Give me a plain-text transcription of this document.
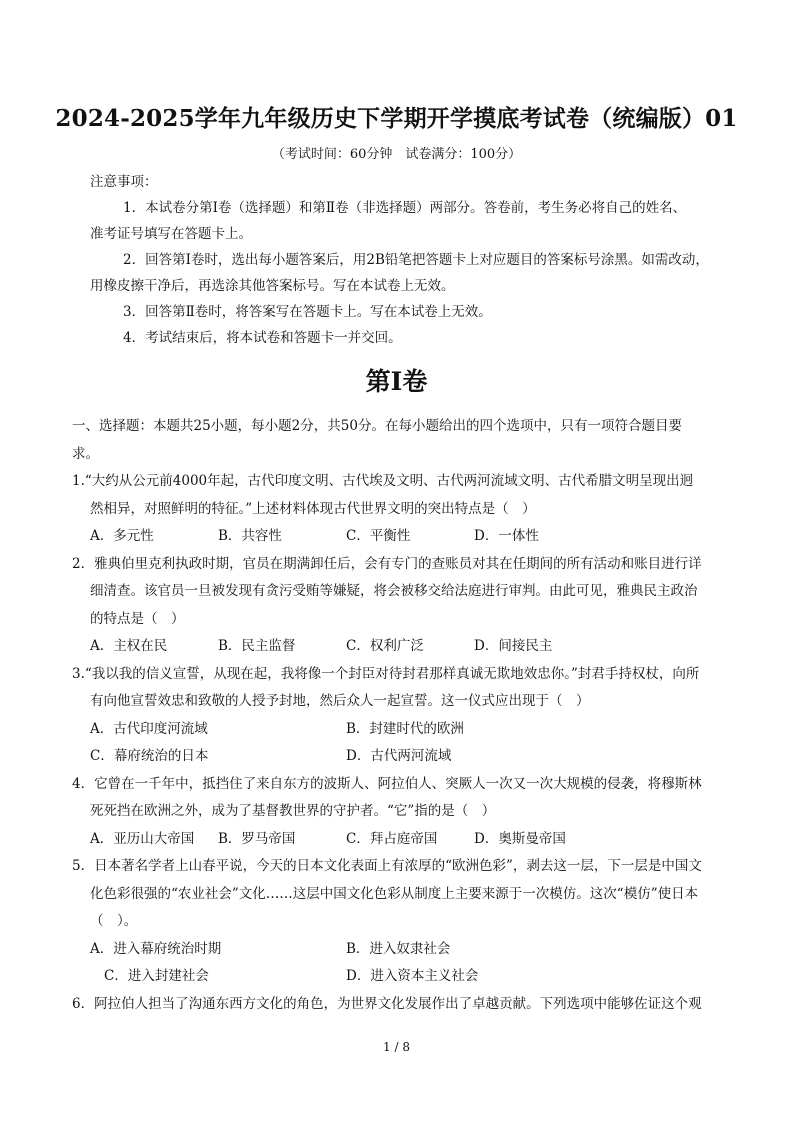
2024-2025学年九年级历史下学期开学摸底考试卷（统编版）01
（考试时间：60分钟　试卷满分：100分）
注意事项：
1．本试卷分第Ⅰ卷（选择题）和第Ⅱ卷（非选择题）两部分。答卷前，考生务必将自己的姓名、
准考证号填写在答题卡上。
2．回答第Ⅰ卷时，选出每小题答案后，用2B铅笔把答题卡上对应题目的答案标号涂黑。如需改动，
用橡皮擦干净后，再选涂其他答案标号。写在本试卷上无效。
3．回答第Ⅱ卷时，将答案写在答题卡上。写在本试卷上无效。
4．考试结束后，将本试卷和答题卡一并交回。
第Ⅰ卷
一、选择题：本题共25小题，每小题2分，共50分。在每小题给出的四个选项中，只有一项符合题目要
求。
1.“大约从公元前4000年起，古代印度文明、古代埃及文明、古代两河流域文明、古代希腊文明呈现出迥
然相异，对照鲜明的特征。”上述材料体现古代世界文明的突出特点是（　）
A．多元性	B．共容性	C．平衡性	D．一体性
2．雅典伯里克利执政时期，官员在期满卸任后，会有专门的查账员对其在任期间的所有活动和账目进行详
细清查。该官员一旦被发现有贪污受贿等嫌疑，将会被移交给法庭进行审判。由此可见，雅典民主政治
的特点是（　）
A．主权在民	B．民主监督	C．权利广泛	D．间接民主
3.“我以我的信义宣誓，从现在起，我将像一个封臣对待封君那样真诚无欺地效忠你。”封君手持权杖，向所
有向他宣誓效忠和致敬的人授予封地，然后众人一起宣誓。这一仪式应出现于（　）
A．古代印度河流域	B．封建时代的欧洲
C．幕府统治的日本	D．古代两河流域
4．它曾在一千年中，抵挡住了来自东方的波斯人、阿拉伯人、突厥人一次又一次大规模的侵袭，将穆斯林
死死挡在欧洲之外，成为了基督教世界的守护者。“它”指的是（　）
A．亚历山大帝国	B．罗马帝国	C．拜占庭帝国	D．奥斯曼帝国
5．日本著名学者上山春平说，今天的日本文化表面上有浓厚的“欧洲色彩”，剥去这一层，下一层是中国文
化色彩很强的“农业社会”文化……这层中国文化色彩从制度上主要来源于一次模仿。这次“模仿”使日本
（　）。
A．进入幕府统治时期	B．进入奴隶社会
C．进入封建社会	D．进入资本主义社会
6．阿拉伯人担当了沟通东西方文化的角色，为世界文化发展作出了卓越贡献。下列选项中能够佐证这个观
1 / 8
